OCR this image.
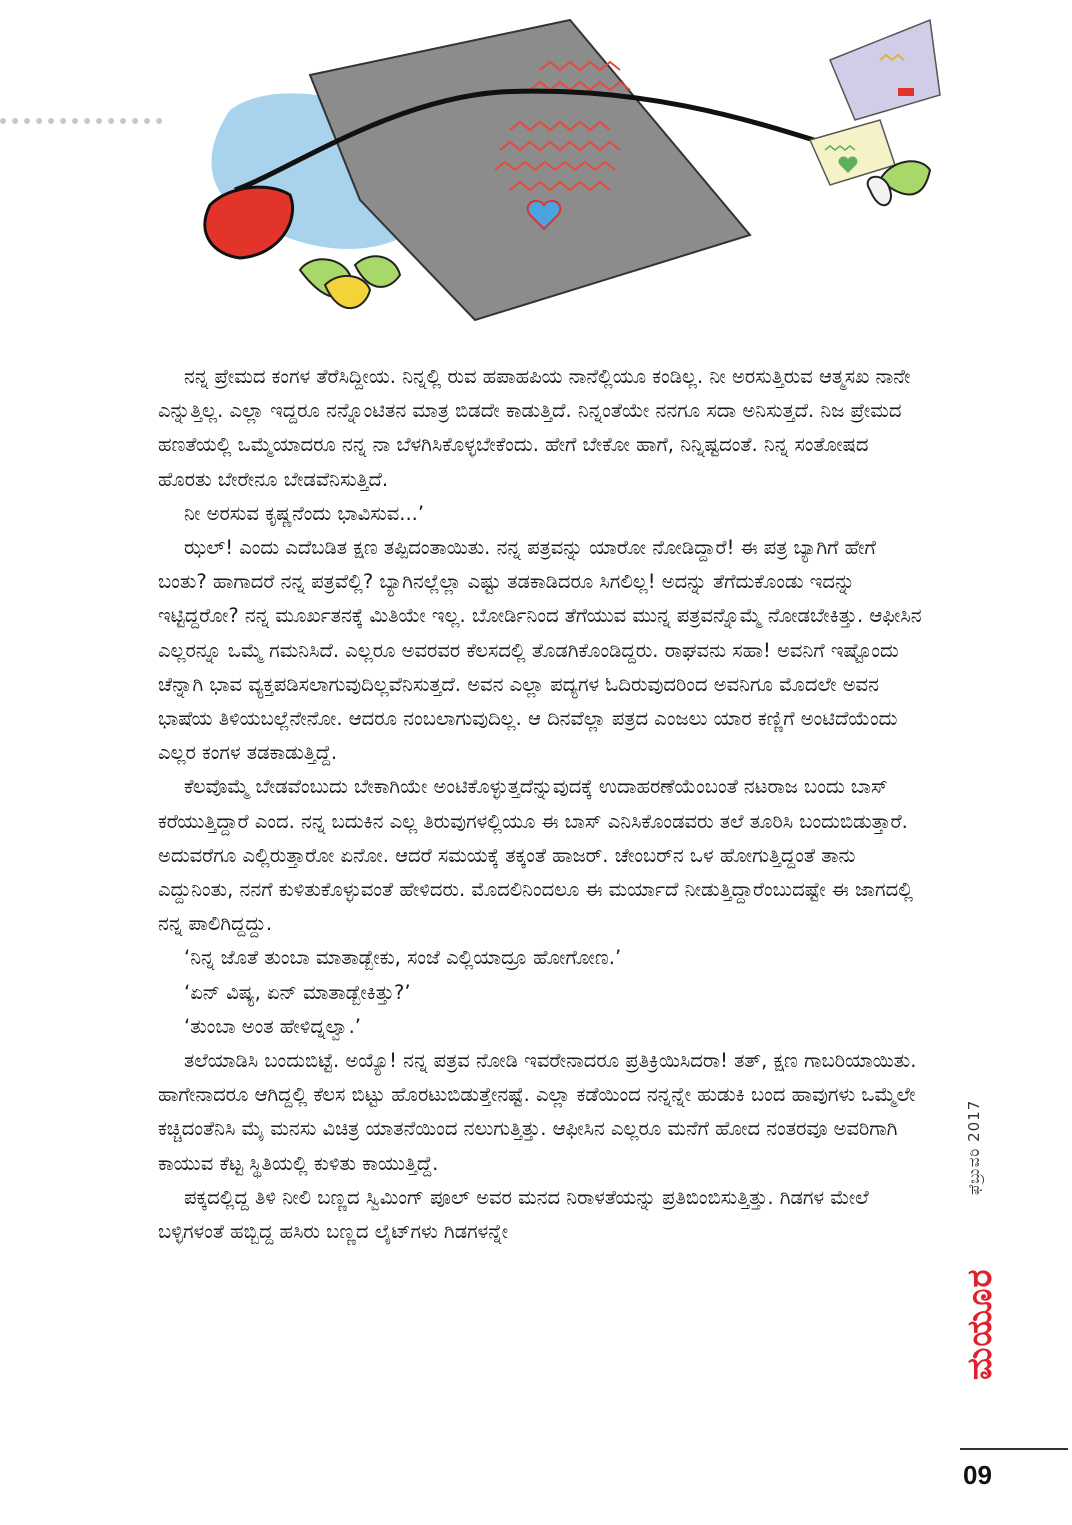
ನನ್ನ ಪ್ರೇಮದ ಕಂಗಳ ತೆರೆಸಿದ್ದೀಯ. ನಿನ್ನಲ್ಲಿ ರುವ ಹಪಾಹಪಿಯ ನಾನೆಲ್ಲಿಯೂ ಕಂಡಿಲ್ಲ. ನೀ ಅರಸುತ್ತಿರುವ ಆತ್ಮಸಖ ನಾನೇ ಎನ್ನುತ್ತಿಲ್ಲ. ಎಲ್ಲಾ ಇದ್ದರೂ ನನ್ನೊಂಟಿತನ ಮಾತ್ರ ಬಿಡದೇ ಕಾಡುತ್ತಿದೆ. ನಿನ್ನಂತೆಯೇ ನನಗೂ ಸದಾ ಅನಿಸುತ್ತದೆ. ನಿಜ ಪ್ರೇಮದ ಹಣತೆಯಲ್ಲಿ ಒಮ್ಮೆಯಾದರೂ ನನ್ನ ನಾ ಬೆಳಗಿಸಿಕೊಳ್ಳಬೇಕೆಂದು. ಹೇಗೆ ಬೇಕೋ ಹಾಗೆ, ನಿನ್ನಿಷ್ಟದಂತೆ. ನಿನ್ನ ಸಂತೋಷದ ಹೊರತು ಬೇರೇನೂ ಬೇಡವೆನಿಸುತ್ತಿದೆ.

ನೀ ಅರಸುವ ಕೃಷ್ಣನೆಂದು ಭಾವಿಸುವ...’

ಝಲ್! ಎಂದು ಎದೆಬಡಿತ ಕ್ಷಣ ತಪ್ಪಿದಂತಾಯಿತು. ನನ್ನ ಪತ್ರವನ್ನು ಯಾರೋ ನೋಡಿದ್ದಾರೆ! ಈ ಪತ್ರ ಬ್ಯಾಗಿಗೆ ಹೇಗೆ ಬಂತು? ಹಾಗಾದರೆ ನನ್ನ ಪತ್ರವೆಲ್ಲಿ? ಬ್ಯಾಗಿನಲ್ಲೆಲ್ಲಾ ಎಷ್ಟು ತಡಕಾಡಿದರೂ ಸಿಗಲಿಲ್ಲ! ಅದನ್ನು ತೆಗೆದುಕೊಂಡು ಇದನ್ನು ಇಟ್ಟಿದ್ದರೋ? ನನ್ನ ಮೂರ್ಖತನಕ್ಕೆ ಮಿತಿಯೇ ಇಲ್ಲ. ಬೋರ್ಡಿನಿಂದ ತೆಗೆಯುವ ಮುನ್ನ ಪತ್ರವನ್ನೊಮ್ಮೆ ನೋಡಬೇಕಿತ್ತು. ಆಫೀಸಿನ ಎಲ್ಲರನ್ನೂ ಒಮ್ಮೆ ಗಮನಿಸಿದೆ. ಎಲ್ಲರೂ ಅವರವರ ಕೆಲಸದಲ್ಲಿ ತೊಡಗಿಕೊಂಡಿದ್ದರು. ರಾಘವನು ಸಹಾ! ಅವನಿಗೆ ಇಷ್ಟೊಂದು ಚೆನ್ನಾಗಿ ಭಾವ ವ್ಯಕ್ತಪಡಿಸಲಾಗುವುದಿಲ್ಲವೆನಿಸುತ್ತದೆ. ಅವನ ಎಲ್ಲಾ ಪದ್ಯಗಳ ಓದಿರುವುದರಿಂದ ಅವನಿಗೂ ಮೊದಲೇ ಅವನ ಭಾಷೆಯ ತಿಳಿಯಬಲ್ಲೆನೇನೋ. ಆದರೂ ನಂಬಲಾಗುವುದಿಲ್ಲ. ಆ ದಿನವೆಲ್ಲಾ ಪತ್ರದ ಎಂಜಲು ಯಾರ ಕಣ್ಣಿಗೆ ಅಂಟಿದೆಯೆಂದು ಎಲ್ಲರ ಕಂಗಳ ತಡಕಾಡುತ್ತಿದ್ದೆ.

ಕೆಲವೊಮ್ಮೆ ಬೇಡವೆಂಬುದು ಬೇಕಾಗಿಯೇ ಅಂಟಿಕೊಳ್ಳುತ್ತದೆನ್ನುವುದಕ್ಕೆ ಉದಾಹರಣೆಯೆಂಬಂತೆ ನಟರಾಜ ಬಂದು ಬಾಸ್ ಕರೆಯುತ್ತಿದ್ದಾರೆ ಎಂದ. ನನ್ನ ಬದುಕಿನ ಎಲ್ಲ ತಿರುವುಗಳಲ್ಲಿಯೂ ಈ ಬಾಸ್ ಎನಿಸಿಕೊಂಡವರು ತಲೆ ತೂರಿಸಿ ಬಂದುಬಿಡುತ್ತಾರೆ. ಅದುವರೆಗೂ ಎಲ್ಲಿರುತ್ತಾರೋ ಏನೋ. ಆದರೆ ಸಮಯಕ್ಕೆ ತಕ್ಕಂತೆ ಹಾಜರ್. ಚೇಂಬರ್‌ನ ಒಳ ಹೋಗುತ್ತಿದ್ದಂತೆ ತಾನು ಎದ್ದುನಿಂತು, ನನಗೆ ಕುಳಿತುಕೊಳ್ಳುವಂತೆ ಹೇಳಿದರು. ಮೊದಲಿನಿಂದಲೂ ಈ ಮರ್ಯಾದೆ ನೀಡುತ್ತಿದ್ದಾರೆಂಬುದಷ್ಟೇ ಈ ಜಾಗದಲ್ಲಿ ನನ್ನ ಪಾಲಿಗಿದ್ದದ್ದು.

‘ನಿನ್ನ ಜೊತೆ ತುಂಬಾ ಮಾತಾಡ್ಬೇಕು, ಸಂಜೆ ಎಲ್ಲಿಯಾದ್ರೂ ಹೋಗೋಣ.’

‘ಏನ್ ವಿಷ್ಯ, ಏನ್ ಮಾತಾಡ್ಬೇಕಿತ್ತು?’

‘ತುಂಬಾ ಅಂತ ಹೇಳಿದ್ನಲ್ವಾ.’

ತಲೆಯಾಡಿಸಿ ಬಂದುಬಿಟ್ಟೆ. ಅಯ್ಯೊ! ನನ್ನ ಪತ್ರವ ನೋಡಿ ಇವರೇನಾದರೂ ಪ್ರತಿಕ್ರಿಯಿಸಿದರಾ! ತತ್, ಕ್ಷಣ ಗಾಬರಿಯಾಯಿತು. ಹಾಗೇನಾದರೂ ಆಗಿದ್ದಲ್ಲಿ ಕೆಲಸ ಬಿಟ್ಟು ಹೊರಟುಬಿಡುತ್ತೇನಷ್ಟೆ. ಎಲ್ಲಾ ಕಡೆಯಿಂದ ನನ್ನನ್ನೇ ಹುಡುಕಿ ಬಂದ ಹಾವುಗಳು ಒಮ್ಮೆಲೇ ಕಚ್ಚಿದಂತೆನಿಸಿ ಮೈ ಮನಸು ವಿಚಿತ್ರ ಯಾತನೆಯಿಂದ ನಲುಗುತ್ತಿತ್ತು. ಆಫೀಸಿನ ಎಲ್ಲರೂ ಮನೆಗೆ ಹೋದ ನಂತರವೂ ಅವರಿಗಾಗಿ ಕಾಯುವ ಕೆಟ್ಟ ಸ್ಥಿತಿಯಲ್ಲಿ ಕುಳಿತು ಕಾಯುತ್ತಿದ್ದೆ.

ಪಕ್ಕದಲ್ಲಿದ್ದ ತಿಳಿ ನೀಲಿ ಬಣ್ಣದ ಸ್ವಿಮಿಂಗ್ ಪೂಲ್ ಅವರ ಮನದ ನಿರಾಳತೆಯನ್ನು ಪ್ರತಿಬಿಂಬಿಸುತ್ತಿತ್ತು. ಗಿಡಗಳ ಮೇಲೆ ಬಳ್ಳಿಗಳಂತೆ ಹಬ್ಬಿದ್ದ ಹಸಿರು ಬಣ್ಣದ ಲೈಟ್‌ಗಳು ಗಿಡಗಳನ್ನೇ

ಫೆಬ್ರುವರಿ 2017
ಮಯೂರ
09
